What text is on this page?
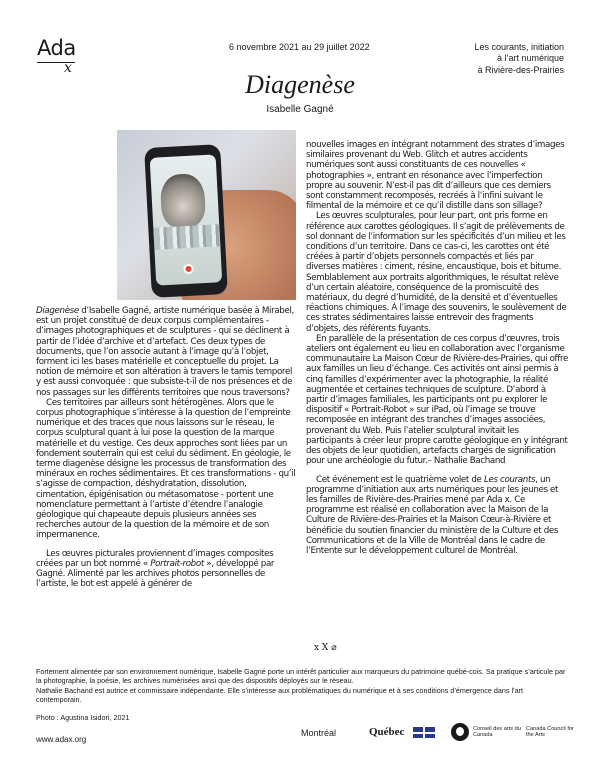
Ada
x
6 novembre 2021 au 29 juillet 2022	Les courants, initiation
à l’art numérique
à Rivière-des-Prairies
Diagenèse
Isabelle Gagné

Diagenèse d’Isabelle Gagné, artiste numérique basée à Mirabel, est un projet constitué de deux corpus complémentaires - d’images photographiques et de sculptures - qui se déclinent à partir de l’idée d’archive et d’artefact. Ces deux types de documents, que l’on associe autant à l’image qu’à l’objet, forment ici les bases matérielle et conceptuelle du projet. La notion de mémoire et son altération à travers le tamis temporel y est aussi convoquée : que subsiste-t-il de nos présences et de nos passages sur les différents territoires que nous traversons?

Ces territoires par ailleurs sont hétérogènes. Alors que le corpus photographique s’intéresse à la question de l’empreinte numérique et des traces que nous laissons sur le réseau, le corpus sculptural quant à lui pose la question de la marque matérielle et du vestige. Ces deux approches sont liées par un fondement souterrain qui est celui du sédiment. En géologie, le terme diagenèse désigne les processus de transformation des minéraux en roches sédimentaires. Et ces transformations - qu’il s’agisse de compaction, déshydratation, dissolution, cimentation, épigénisation ou métasomatose - portent une nomenclature permettant à l’artiste d’étendre l’analogie géologique qui chapeaute depuis plusieurs années ses recherches autour de la question de la mémoire et de son impermanence.

Les œuvres picturales proviennent d’images composites créées par un bot nommé « Portrait-robot », développé par Gagné. Alimenté par les archives photos personnelles de l’artiste, le bot est appelé à générer de

nouvelles images en intégrant notamment des strates d’images similaires provenant du Web. Glitch et autres accidents numériques sont aussi constituants de ces nouvelles « photographies », entrant en résonance avec l’imperfection propre au souvenir. N’est-il pas dit d’ailleurs que ces derniers sont constamment recomposés, recréés à l’infini suivant le filmental de la mémoire et ce qu’il distille dans son sillage?

Les œuvres sculpturales, pour leur part, ont pris forme en référence aux carottes géologiques. Il s’agit de prélèvements de sol donnant de l’information sur les spécificités d’un milieu et les conditions d’un territoire. Dans ce cas-ci, les carottes ont été créées à partir d’objets personnels compactés et liés par diverses matières : ciment, résine, encaustique, bois et bitume. Semblablement aux portraits algorithmiques, le résultat relève d’un certain aléatoire, conséquence de la promiscuité des matériaux, du degré d’humidité, de la densité et d’éventuelles réactions chimiques. À l’image des souvenirs, le soulèvement de ces strates sédimentaires laisse entrevoir des fragments d’objets, des référents fuyants.

En parallèle de la présentation de ces corpus d’œuvres, trois ateliers ont également eu lieu en collaboration avec l’organisme communautaire La Maison Cœur de Rivière-des-Prairies, qui offre aux familles un lieu d’échange. Ces activités ont ainsi permis à cinq familles d’expérimenter avec la photographie, la réalité augmentée et certaines techniques de sculpture. D’abord à partir d’images familiales, les participants ont pu explorer le dispositif « Portrait-Robot » sur iPad, où l’image se trouve recomposée en intégrant des tranches d’images associées, provenant du Web. Puis l’atelier sculptural invitait les participants à créer leur propre carotte géologique en y intégrant des objets de leur quotidien, artefacts chargés de signification pour une archéologie du futur.– Nathalie Bachand

Cet événement est le quatrième volet de Les courants, un programme d’initiation aux arts numériques pour les jeunes et les familles de Rivière-des-Prairies mené par Ada x. Ce programme est réalisé en collaboration avec la Maison de la Culture de Rivière-des-Prairies et la Maison Cœur-à-Rivière et bénéficie du soutien financier du ministère de la Culture et des Communications et de la Ville de Montréal dans le cadre de l’Entente sur le développement culturel de Montréal.

x X ⌀

Fortement alimentée par son environnement numérique, Isabelle Gagné porte un intérêt particulier aux marqueurs du patrimoine québé-cois. Sa pratique s’articule par la photographie, la poésie, les archives numérisées ainsi que des dispositifs déployés sur le réseau.

Nathalie Bachand est autrice et commissaire indépendante. Elle s’intéresse aux problématiques du numérique et à ses conditions d’émergence dans l’art contemporain.

Photo : Agustina Isidori, 2021
www.adax.org
Montréal	Québec	Conseil des arts du Canada
Canada Council for the Arts
